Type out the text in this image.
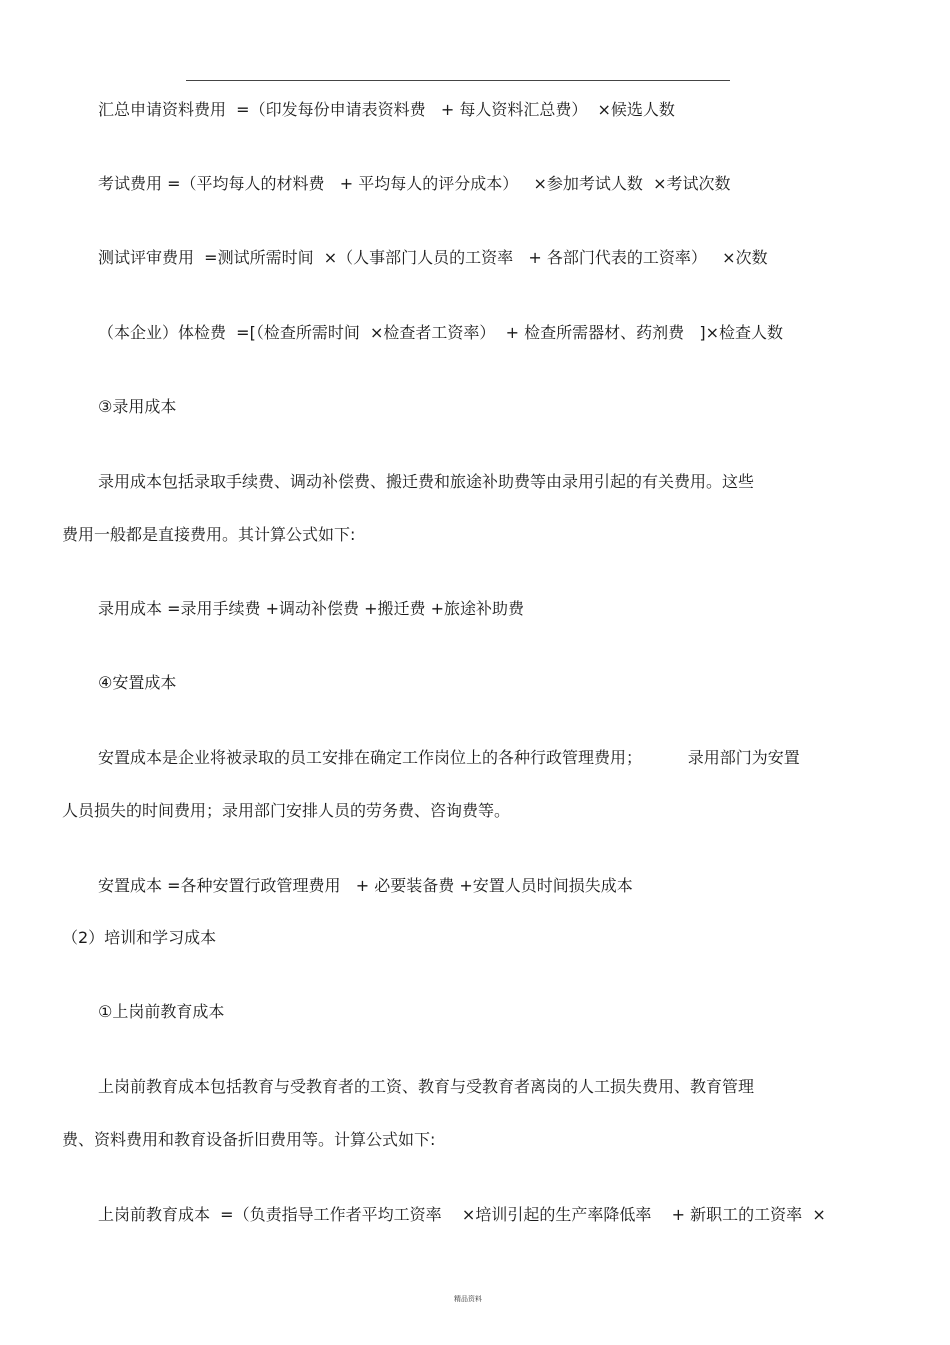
汇总申请资料费用  =（印发每份申请表资料费   + 每人资料汇总费）  ×候选人数
考试费用 =（平均每人的材料费   + 平均每人的评分成本）   ×参加考试人数  ×考试次数
测试评审费用  =测试所需时间  ×（人事部门人员的工资率   + 各部门代表的工资率）   ×次数
（本企业）体检费  =[（检查所需时间  ×检查者工资率）  + 检查所需器材、药剂费   ]×检查人数
③录用成本
录用成本包括录取手续费、调动补偿费、搬迁费和旅途补助费等由录用引起的有关费用。这些
费用一般都是直接费用。其计算公式如下:
录用成本 =录用手续费 +调动补偿费 +搬迁费 +旅途补助费
④安置成本
安置成本是企业将被录取的员工安排在确定工作岗位上的各种行政管理费用；         录用部门为安置
人员损失的时间费用；录用部门安排人员的劳务费、咨询费等。
安置成本 =各种安置行政管理费用   + 必要装备费 +安置人员时间损失成本
（2）培训和学习成本
①上岗前教育成本
上岗前教育成本包括教育与受教育者的工资、教育与受教育者离岗的人工损失费用、教育管理
费、资料费用和教育设备折旧费用等。计算公式如下:
上岗前教育成本  =（负责指导工作者平均工资率    ×培训引起的生产率降低率    + 新职工的工资率  ×
精品资料
